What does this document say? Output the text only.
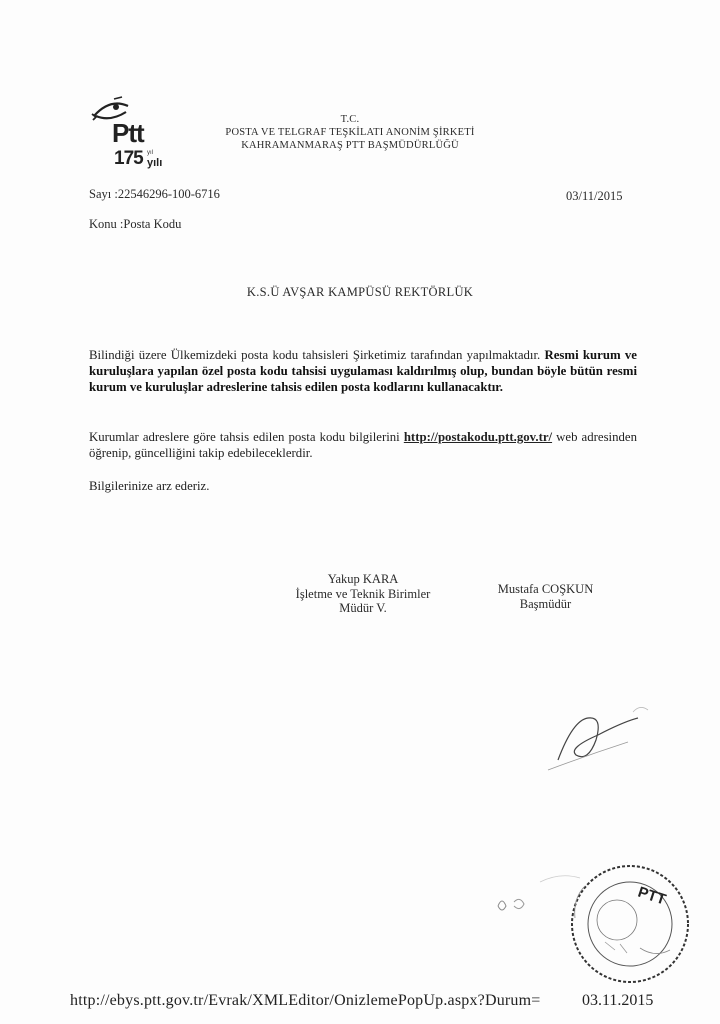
Ptt
175 yıl
yılı
T.C.
POSTA VE TELGRAF TEŞKİLATI ANONİM ŞİRKETİ
KAHRAMANMARAŞ PTT BAŞMÜDÜRLÜĞÜ
Sayı :22546296-100-6716	03/11/2015
Konu :Posta Kodu
K.S.Ü AVŞAR KAMPÜSÜ REKTÖRLÜK
Bilindiği üzere Ülkemizdeki posta kodu tahsisleri Şirketimiz tarafından yapılmaktadır. Resmi kurum ve kuruluşlara yapılan özel posta kodu tahsisi uygulaması kaldırılmış olup, bundan böyle bütün resmi kurum ve kuruluşlar adreslerine tahsis edilen posta kodlarını kullanacaktır.
Kurumlar adreslere göre tahsis edilen posta kodu bilgilerini http://postakodu.ptt.gov.tr/ web adresinden öğrenip, güncelliğini takip edebileceklerdir.
Bilgilerinize arz ederiz.
Yakup KARA
İşletme ve Teknik Birimler
Müdür V.
Mustafa COŞKUN
Başmüdür
PTT
http://ebys.ptt.gov.tr/Evrak/XMLEditor/OnizlemePopUp.aspx?Durum=	03.11.2015
